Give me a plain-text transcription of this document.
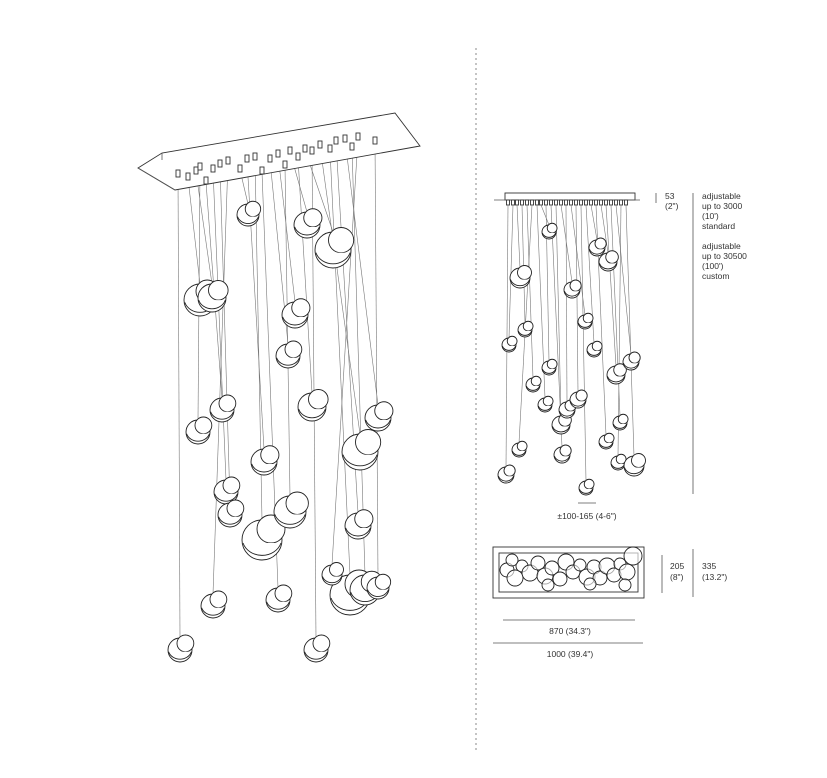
53
(2")
adjustable
up to 3000
(10')
standard
adjustable
up to 30500
(100')
custom
±100-165 (4-6")
205
(8")
335
(13.2")
870 (34.3")
1000 (39.4")
